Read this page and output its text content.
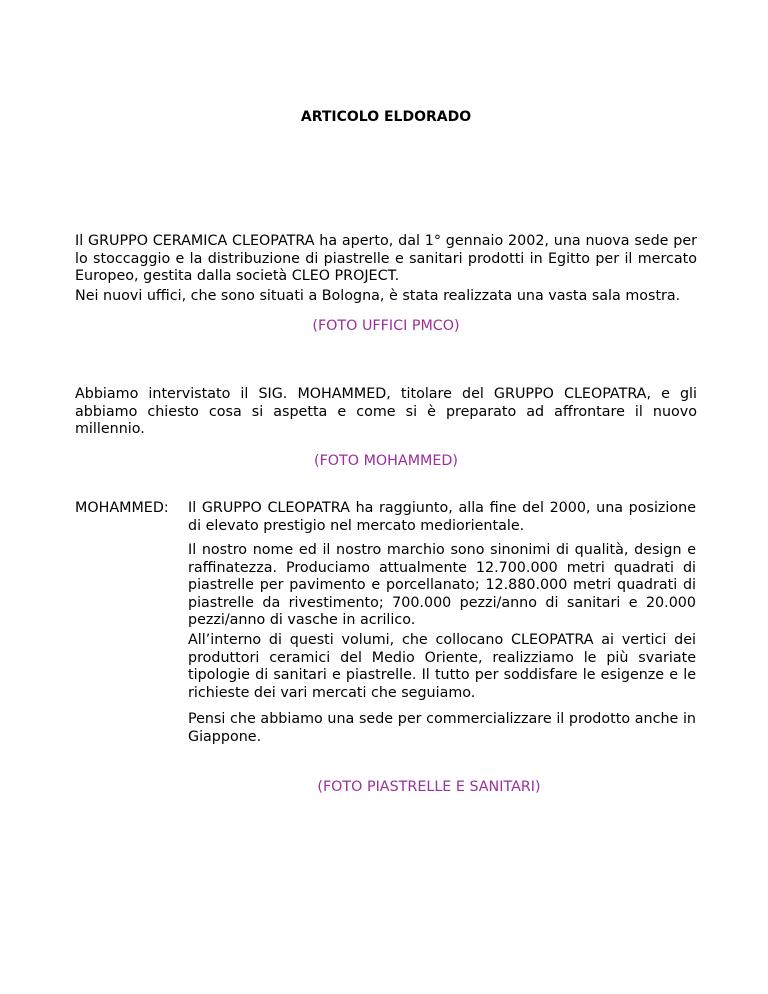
ARTICOLO ELDORADO

Il GRUPPO CERAMICA CLEOPATRA ha aperto, dal 1° gennaio 2002, una nuova sede per lo stoccaggio e la distribuzione di piastrelle e sanitari prodotti in Egitto per il mercato Europeo, gestita dalla società CLEO PROJECT.

Nei nuovi uffici, che sono situati a Bologna, è stata realizzata una vasta sala mostra.

(FOTO UFFICI PMCO)

Abbiamo intervistato il SIG. MOHAMMED, titolare del GRUPPO CLEOPATRA, e gli abbiamo chiesto cosa si aspetta e come si è preparato ad affrontare il nuovo millennio.

(FOTO MOHAMMED)
MOHAMMED: Il GRUPPO CLEOPATRA ha raggiunto, alla fine del 2000, una posizione di elevato prestigio nel mercato mediorientale.

Il nostro nome ed il nostro marchio sono sinonimi di qualità, design e raffinatezza. Produciamo attualmente 12.700.000 metri quadrati di piastrelle per pavimento e porcellanato; 12.880.000 metri quadrati di piastrelle da rivestimento; 700.000 pezzi/anno di sanitari e 20.000 pezzi/anno di vasche in acrilico.

All’interno di questi volumi, che collocano CLEOPATRA ai vertici dei produttori ceramici del Medio Oriente, realizziamo le più svariate tipologie di sanitari e piastrelle. Il tutto per soddisfare le esigenze e le richieste dei vari mercati che seguiamo.

Pensi che abbiamo una sede per commercializzare il prodotto anche in Giappone.

(FOTO PIASTRELLE E SANITARI)
